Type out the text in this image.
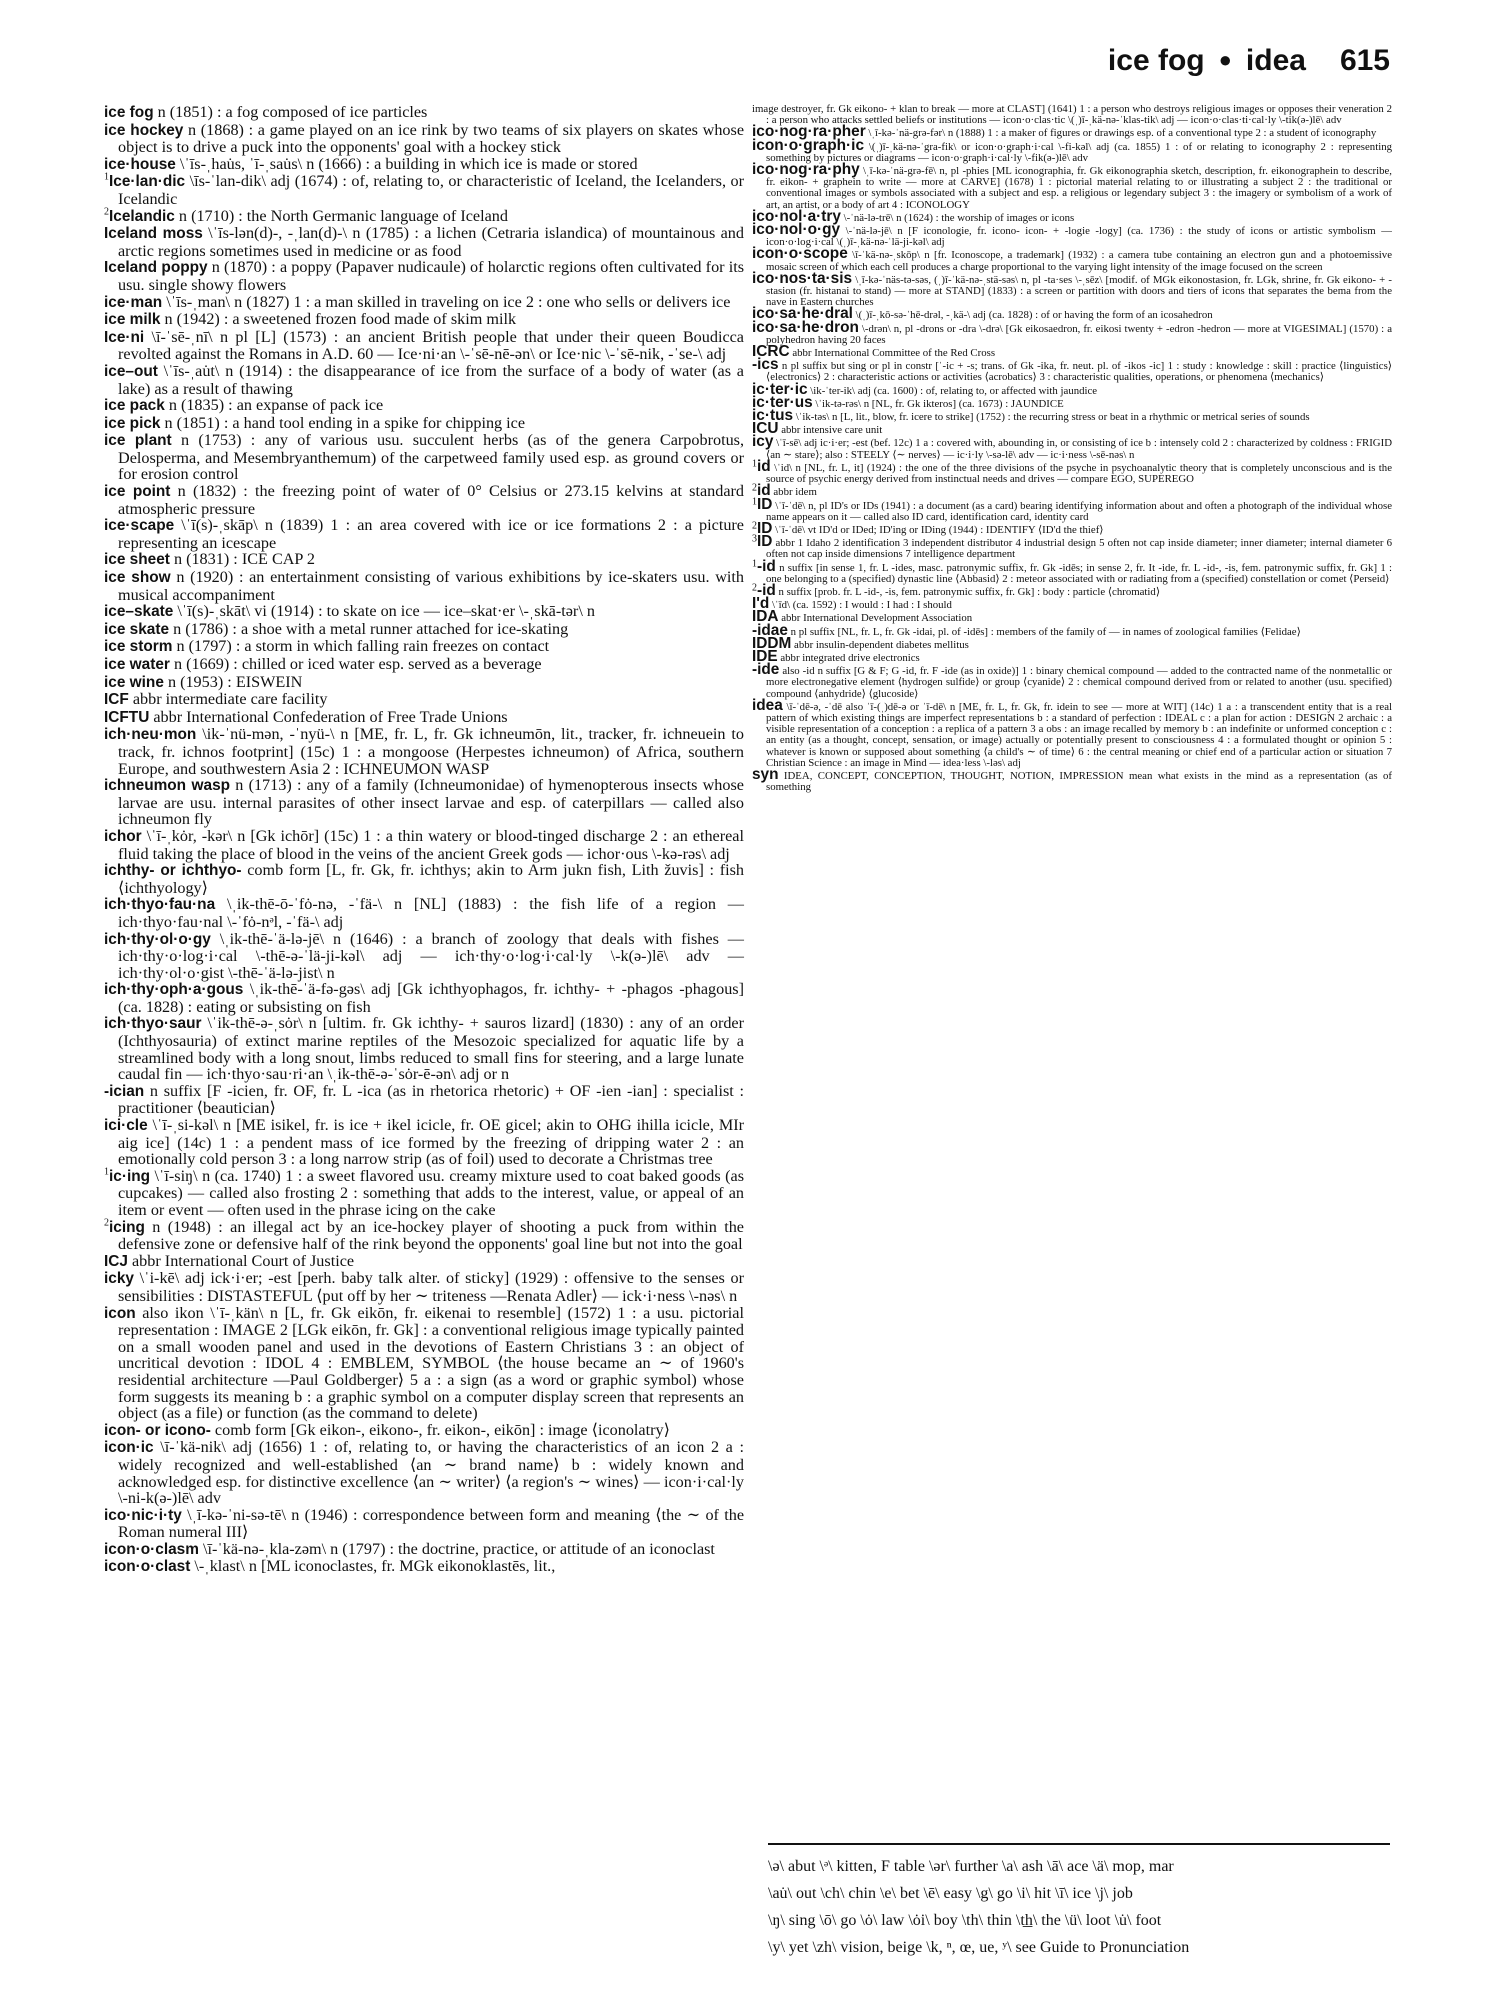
ice fog ● idea 615

ice fog n (1851) : a fog composed of ice particles

ice hockey n (1868) : a game played on an ice rink by two teams of six players on skates whose object is to drive a puck into the opponents' goal with a hockey stick

ice·house \ˈīs-ˌhau̇s, ˈī-ˌsau̇s\ n (1666) : a building in which ice is made or stored

$^1$Ice·lan·dic \īs-ˈlan-dik\ adj (1674) : of, relating to, or characteristic of Iceland, the Icelanders, or Icelandic

$^2$Icelandic n (1710) : the North Germanic language of Iceland

Iceland moss \ˈīs-lən(d)-, -ˌlan(d)-\ n (1785) : a lichen (Cetraria islandica) of mountainous and arctic regions sometimes used in medicine or as food

Iceland poppy n (1870) : a poppy (Papaver nudicaule) of holarctic regions often cultivated for its usu. single showy flowers

ice·man \ˈīs-ˌman\ n (1827) 1 : a man skilled in traveling on ice 2 : one who sells or delivers ice

ice milk n (1942) : a sweetened frozen food made of skim milk

Ice·ni \ī-ˈsē-ˌnī\ n pl [L] (1573) : an ancient British people that under their queen Boudicca revolted against the Romans in A.D. 60 — Ice·ni·an \-ˈsē-nē-ən\ or Ice·nic \-ˈsē-nik, -ˈse-\ adj

ice–out \ˈīs-ˌau̇t\ n (1914) : the disappearance of ice from the surface of a body of water (as a lake) as a result of thawing

ice pack n (1835) : an expanse of pack ice

ice pick n (1851) : a hand tool ending in a spike for chipping ice

ice plant n (1753) : any of various usu. succulent herbs (as of the genera Carpobrotus, Delosperma, and Mesembryanthemum) of the carpetweed family used esp. as ground covers or for erosion control

ice point n (1832) : the freezing point of water of 0° Celsius or 273.15 kelvins at standard atmospheric pressure

ice·scape \ˈī(s)-ˌskāp\ n (1839) 1 : an area covered with ice or ice formations 2 : a picture representing an icescape

ice sheet n (1831) : ICE CAP 2

ice show n (1920) : an entertainment consisting of various exhibitions by ice-skaters usu. with musical accompaniment

ice–skate \ˈī(s)-ˌskāt\ vi (1914) : to skate on ice — ice–skat·er \-ˌskā-tər\ n

ice skate n (1786) : a shoe with a metal runner attached for ice-skating

ice storm n (1797) : a storm in which falling rain freezes on contact

ice water n (1669) : chilled or iced water esp. served as a beverage

ice wine n (1953) : EISWEIN

ICF abbr intermediate care facility

ICFTU abbr International Confederation of Free Trade Unions

ich·neu·mon \ik-ˈnü-mən, -ˈnyü-\ n [ME, fr. L, fr. Gk ichneumōn, lit., tracker, fr. ichneuein to track, fr. ichnos footprint] (15c) 1 : a mongoose (Herpestes ichneumon) of Africa, southern Europe, and southwestern Asia 2 : ICHNEUMON WASP

ichneumon wasp n (1713) : any of a family (Ichneumonidae) of hymenopterous insects whose larvae are usu. internal parasites of other insect larvae and esp. of caterpillars — called also ichneumon fly

ichor \ˈī-ˌkȯr, -kər\ n [Gk ichōr] (15c) 1 : a thin watery or blood-tinged discharge 2 : an ethereal fluid taking the place of blood in the veins of the ancient Greek gods — ichor·ous \-kə-rəs\ adj

ichthy- or ichthyo- comb form [L, fr. Gk, fr. ichthys; akin to Arm jukn fish, Lith žuvis] : fish ⟨ichthyology⟩

ich·thyo·fau·na \ˌik-thē-ō-ˈfȯ-nə, -ˈfä-\ n [NL] (1883) : the fish life of a region — ich·thyo·fau·nal \-ˈfȯ-nᵊl, -ˈfä-\ adj

ich·thy·ol·o·gy \ˌik-thē-ˈä-lə-jē\ n (1646) : a branch of zoology that deals with fishes — ich·thy·o·log·i·cal \-thē-ə-ˈlä-ji-kəl\ adj — ich·thy·o·log·i·cal·ly \-k(ə-)lē\ adv — ich·thy·ol·o·gist \-thē-ˈä-lə-jist\ n

ich·thy·oph·a·gous \ˌik-thē-ˈä-fə-gəs\ adj [Gk ichthyophagos, fr. ichthy- + -phagos -phagous] (ca. 1828) : eating or subsisting on fish

ich·thyo·saur \ˈik-thē-ə-ˌsȯr\ n [ultim. fr. Gk ichthy- + sauros lizard] (1830) : any of an order (Ichthyosauria) of extinct marine reptiles of the Mesozoic specialized for aquatic life by a streamlined body with a long snout, limbs reduced to small fins for steering, and a large lunate caudal fin — ich·thyo·sau·ri·an \ˌik-thē-ə-ˈsȯr-ē-ən\ adj or n

-ician n suffix [F -icien, fr. OF, fr. L -ica (as in rhetorica rhetoric) + OF -ien -ian] : specialist : practitioner ⟨beautician⟩

ici·cle \ˈī-ˌsi-kəl\ n [ME isikel, fr. is ice + ikel icicle, fr. OE gicel; akin to OHG ihilla icicle, MIr aig ice] (14c) 1 : a pendent mass of ice formed by the freezing of dripping water 2 : an emotionally cold person 3 : a long narrow strip (as of foil) used to decorate a Christmas tree

$^1$ic·ing \ˈī-siŋ\ n (ca. 1740) 1 : a sweet flavored usu. creamy mixture used to coat baked goods (as cupcakes) — called also frosting 2 : something that adds to the interest, value, or appeal of an item or event — often used in the phrase icing on the cake

$^2$icing n (1948) : an illegal act by an ice-hockey player of shooting a puck from within the defensive zone or defensive half of the rink beyond the opponents' goal line but not into the goal

ICJ abbr International Court of Justice

icky \ˈi-kē\ adj ick·i·er; -est [perh. baby talk alter. of sticky] (1929) : offensive to the senses or sensibilities : DISTASTEFUL ⟨put off by her ∼ triteness —Renata Adler⟩ — ick·i·ness \-nəs\ n

icon also ikon \ˈī-ˌkän\ n [L, fr. Gk eikōn, fr. eikenai to resemble] (1572) 1 : a usu. pictorial representation : IMAGE 2 [LGk eikōn, fr. Gk] : a conventional religious image typically painted on a small wooden panel and used in the devotions of Eastern Christians 3 : an object of uncritical devotion : IDOL 4 : EMBLEM, SYMBOL ⟨the house became an ∼ of 1960's residential architecture —Paul Goldberger⟩ 5 a : a sign (as a word or graphic symbol) whose form suggests its meaning b : a graphic symbol on a computer display screen that represents an object (as a file) or function (as the command to delete)

icon- or icono- comb form [Gk eikon-, eikono-, fr. eikon-, eikōn] : image ⟨iconolatry⟩

icon·ic \ī-ˈkä-nik\ adj (1656) 1 : of, relating to, or having the characteristics of an icon 2 a : widely recognized and well-established ⟨an ∼ brand name⟩ b : widely known and acknowledged esp. for distinctive excellence ⟨an ∼ writer⟩ ⟨a region's ∼ wines⟩ — icon·i·cal·ly \-ni-k(ə-)lē\ adv

ico·nic·i·ty \ˌī-kə-ˈni-sə-tē\ n (1946) : correspondence between form and meaning ⟨the ∼ of the Roman numeral III⟩

icon·o·clasm \ī-ˈkä-nə-ˌkla-zəm\ n (1797) : the doctrine, practice, or attitude of an iconoclast

icon·o·clast \-ˌklast\ n [ML iconoclastes, fr. MGk eikonoklastēs, lit.,

image destroyer, fr. Gk eikono- + klan to break — more at CLAST] (1641) 1 : a person who destroys religious images or opposes their veneration 2 : a person who attacks settled beliefs or institutions — icon·o·clas·tic \(ˌ)ī-ˌkä-nə-ˈklas-tik\ adj — icon·o·clas·ti·cal·ly \-tik(ə-)lē\ adv

ico·nog·ra·pher \ˌī-kə-ˈnä-grə-fər\ n (1888) 1 : a maker of figures or drawings esp. of a conventional type 2 : a student of iconography

icon·o·graph·ic \(ˌ)ī-ˌkä-nə-ˈgra-fik\ or icon·o·graph·i·cal \-fi-kəl\ adj (ca. 1855) 1 : of or relating to iconography 2 : representing something by pictures or diagrams — icon·o·graph·i·cal·ly \-fik(ə-)lē\ adv

ico·nog·ra·phy \ˌī-kə-ˈnä-grə-fē\ n, pl -phies [ML iconographia, fr. Gk eikonographia sketch, description, fr. eikonographein to describe, fr. eikon- + graphein to write — more at CARVE] (1678) 1 : pictorial material relating to or illustrating a subject 2 : the traditional or conventional images or symbols associated with a subject and esp. a religious or legendary subject 3 : the imagery or symbolism of a work of art, an artist, or a body of art 4 : ICONOLOGY

ico·nol·a·try \-ˈnä-lə-trē\ n (1624) : the worship of images or icons

ico·nol·o·gy \-ˈnä-lə-jē\ n [F iconologie, fr. icono- icon- + -logie -logy] (ca. 1736) : the study of icons or artistic symbolism — icon·o·log·i·cal \(ˌ)ī-ˌkä-nə-ˈlä-ji-kəl\ adj

icon·o·scope \ī-ˈkä-nə-ˌskōp\ n [fr. Iconoscope, a trademark] (1932) : a camera tube containing an electron gun and a photoemissive mosaic screen of which each cell produces a charge proportional to the varying light intensity of the image focused on the screen

ico·nos·ta·sis \ˌī-kə-ˈnäs-tə-səs, (ˌ)ī-ˈkä-nə-ˌstä-səs\ n, pl -ta·ses \-ˌsēz\ [modif. of MGk eikonostasion, fr. LGk, shrine, fr. Gk eikono- + -stasion (fr. histanai to stand) — more at STAND] (1833) : a screen or partition with doors and tiers of icons that separates the bema from the nave in Eastern churches

ico·sa·he·dral \(ˌ)ī-ˌkō-sə-ˈhē-drəl, -ˌkä-\ adj (ca. 1828) : of or having the form of an icosahedron

ico·sa·he·dron \-drən\ n, pl -drons or -dra \-drə\ [Gk eikosaedron, fr. eikosi twenty + -edron -hedron — more at VIGESIMAL] (1570) : a polyhedron having 20 faces

ICRC abbr International Committee of the Red Cross

-ics n pl suffix but sing or pl in constr [ˈ-ic + -s; trans. of Gk -ika, fr. neut. pl. of -ikos -ic] 1 : study : knowledge : skill : practice ⟨linguistics⟩ ⟨electronics⟩ 2 : characteristic actions or activities ⟨acrobatics⟩ 3 : characteristic qualities, operations, or phenomena ⟨mechanics⟩

ic·ter·ic \ik-ˈter-ik\ adj (ca. 1600) : of, relating to, or affected with jaundice

ic·ter·us \ˈik-tə-rəs\ n [NL, fr. Gk ikteros] (ca. 1673) : JAUNDICE

ic·tus \ˈik-təs\ n [L, lit., blow, fr. icere to strike] (1752) : the recurring stress or beat in a rhythmic or metrical series of sounds

ICU abbr intensive care unit

icy \ˈī-sē\ adj ic·i·er; -est (bef. 12c) 1 a : covered with, abounding in, or consisting of ice b : intensely cold 2 : characterized by coldness : FRIGID ⟨an ∼ stare⟩; also : STEELY ⟨∼ nerves⟩ — ic·i·ly \-sə-lē\ adv — ic·i·ness \-sē-nəs\ n

1id \ˈid\ n [NL, fr. L, it] (1924) : the one of the three divisions of the psyche in psychoanalytic theory that is completely unconscious and is the source of psychic energy derived from instinctual needs and drives — compare EGO, SUPEREGO

2id abbr idem

1ID \ˈī-ˈdē\ n, pl ID's or IDs (1941) : a document (as a card) bearing identifying information about and often a photograph of the individual whose name appears on it — called also ID card, identification card, identity card

2ID \ˈī-ˈdē\ vt ID'd or IDed; ID'ing or IDing (1944) : IDENTIFY ⟨ID'd the thief⟩

3ID abbr 1 Idaho 2 identification 3 independent distributor 4 industrial design 5 often not cap inside diameter; inner diameter; internal diameter 6 often not cap inside dimensions 7 intelligence department

1-id n suffix [in sense 1, fr. L -ides, masc. patronymic suffix, fr. Gk -idēs; in sense 2, fr. It -ide, fr. L -id-, -is, fem. patronymic suffix, fr. Gk] 1 : one belonging to a (specified) dynastic line ⟨Abbasid⟩ 2 : meteor associated with or radiating from a (specified) constellation or comet ⟨Perseid⟩

2-id n suffix [prob. fr. L -id-, -is, fem. patronymic suffix, fr. Gk] : body : particle ⟨chromatid⟩

I'd \ˈīd\ (ca. 1592) : I would : I had : I should

IDA abbr International Development Association

-idae n pl suffix [NL, fr. L, fr. Gk -idai, pl. of -idēs] : members of the family of — in names of zoological families ⟨Felidae⟩

IDDM abbr insulin-dependent diabetes mellitus

IDE abbr integrated drive electronics

-ide also -id n suffix [G & F; G -id, fr. F -ide (as in oxide)] 1 : binary chemical compound — added to the contracted name of the nonmetallic or more electronegative element ⟨hydrogen sulfide⟩ or group ⟨cyanide⟩ 2 : chemical compound derived from or related to another (usu. specified) compound ⟨anhydride⟩ ⟨glucoside⟩

idea \ī-ˈdē-ə, -ˈdē also ˈī-(ˌ)dē-ə or ˈī-dē\ n [ME, fr. L, fr. Gk, fr. idein to see — more at WIT] (14c) 1 a : a transcendent entity that is a real pattern of which existing things are imperfect representations b : a standard of perfection : IDEAL c : a plan for action : DESIGN 2 archaic : a visible representation of a conception : a replica of a pattern 3 a obs : an image recalled by memory b : an indefinite or unformed conception c : an entity (as a thought, concept, sensation, or image) actually or potentially present to consciousness 4 : a formulated thought or opinion 5 : whatever is known or supposed about something ⟨a child's ∼ of time⟩ 6 : the central meaning or chief end of a particular action or situation 7 Christian Science : an image in Mind — idea·less \-ləs\ adj

syn IDEA, CONCEPT, CONCEPTION, THOUGHT, NOTION, IMPRESSION mean what exists in the mind as a representation (as of something

\ə\ abut \ᵊ\ kitten, F table \ər\ further \a\ ash \ā\ ace \ä\ mop, mar
\au̇\ out \ch\ chin \e\ bet \ē\ easy \g\ go \i\ hit \ī\ ice \j\ job
\ŋ\ sing \ō\ go \ȯ\ law \ȯi\ boy \th\ thin \t͟h\ the \ü\ loot \u̇\ foot
\y\ yet \zh\ vision, beige \k, ⁿ, œ, ue, ʸ\ see Guide to Pronunciation
